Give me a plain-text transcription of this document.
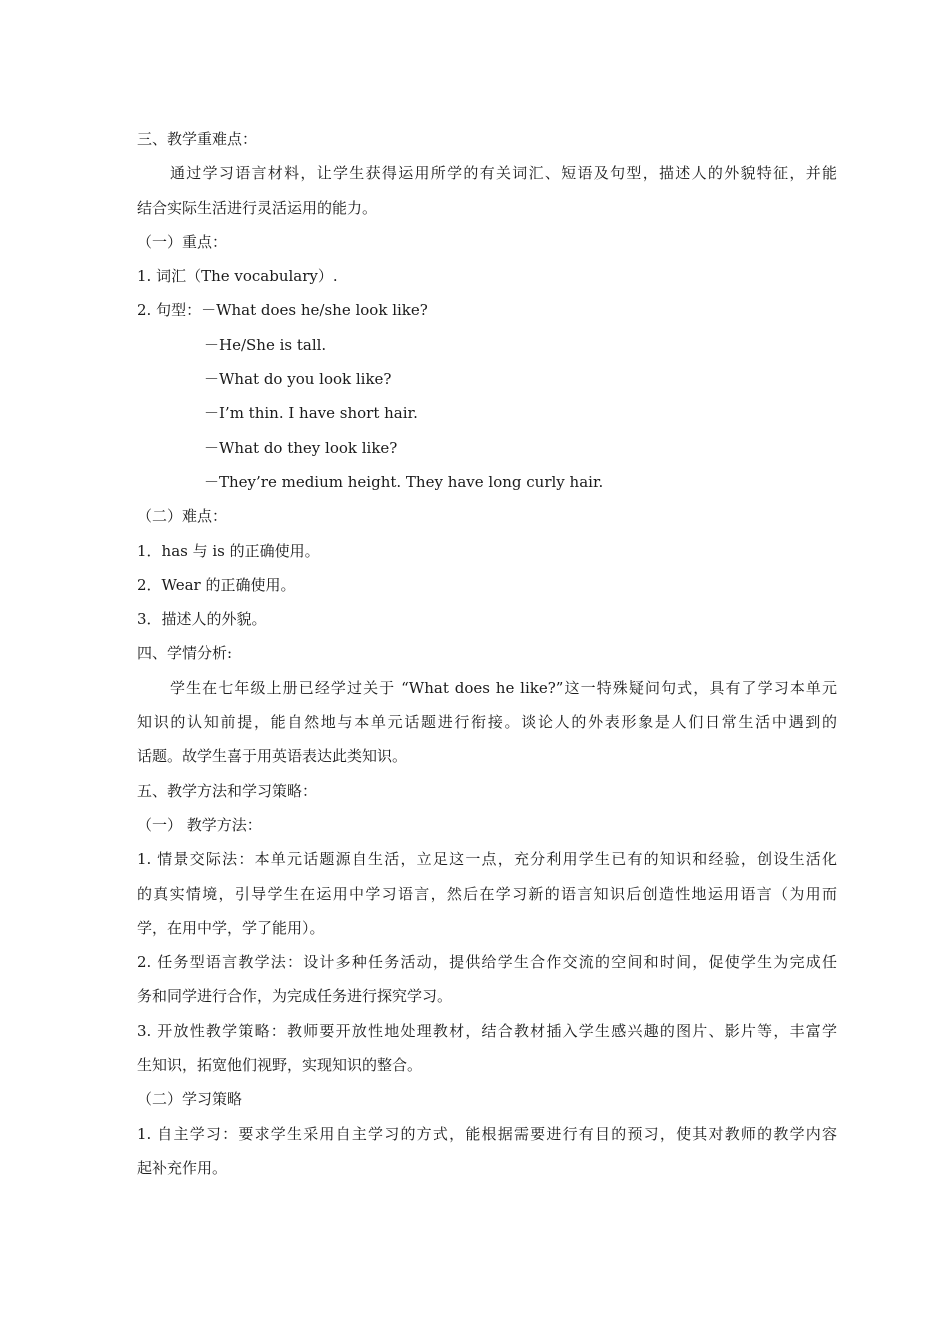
三、教学重难点：
通过学习语言材料，让学生获得运用所学的有关词汇、短语及句型，描述人的外貌特征，并能
结合实际生活进行灵活运用的能力。
（一）重点：
1. 词汇（The vocabulary）.
2. 句型：－What does he/she look like?
－He/She is tall.
－What do you look like?
－I’m thin. I have short hair.
－What do they look like?
－They’re medium height. They have long curly hair.
（二）难点：
1．has 与 is 的正确使用。
2．Wear 的正确使用。
3．描述人的外貌。
四、学情分析:
学生在七年级上册已经学过关于 “What does he like?”这一特殊疑问句式，具有了学习本单元
知识的认知前提，能自然地与本单元话题进行衔接。谈论人的外表形象是人们日常生活中遇到的
话题。故学生喜于用英语表达此类知识。
五、教学方法和学习策略：
（一） 教学方法：
1. 情景交际法：本单元话题源自生活，立足这一点，充分利用学生已有的知识和经验，创设生活化
的真实情境，引导学生在运用中学习语言，然后在学习新的语言知识后创造性地运用语言（为用而
学，在用中学，学了能用）。
2. 任务型语言教学法：设计多种任务活动，提供给学生合作交流的空间和时间，促使学生为完成任
务和同学进行合作，为完成任务进行探究学习。
3. 开放性教学策略：教师要开放性地处理教材，结合教材插入学生感兴趣的图片、影片等，丰富学
生知识，拓宽他们视野，实现知识的整合。
（二）学习策略
1. 自主学习：要求学生采用自主学习的方式，能根据需要进行有目的预习，使其对教师的教学内容
起补充作用。
